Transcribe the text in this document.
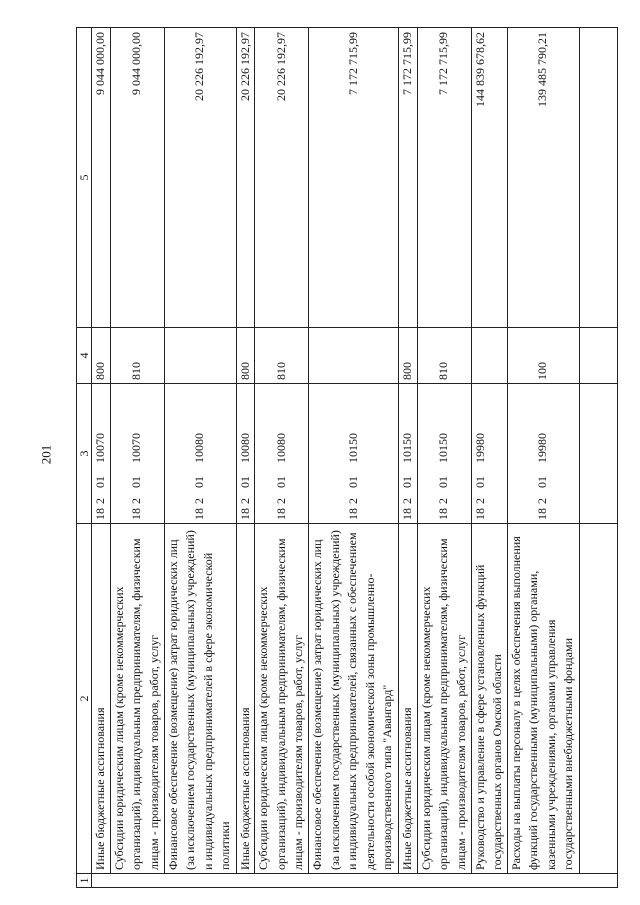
201
1	2	3	4	5
	Иные бюджетные ассигнования	18 2 01 10070	800	9 044 000,00
	Субсидии юридическим лицам (кроме некоммерческих организаций), индивидуальным предпринимателям, физическим лицам - производителям товаров, работ, услуг	18 2 01 10070	810	9 044 000,00
	Финансовое обеспечение (возмещение) затрат юридических лиц (за исключением государственных (муниципальных) учреждений) и индивидуальных предпринимателей в сфере экономической политики	18 2 01 10080		20 226 192,97
	Иные бюджетные ассигнования	18 2 01 10080	800	20 226 192,97
	Субсидии юридическим лицам (кроме некоммерческих организаций), индивидуальным предпринимателям, физическим лицам - производителям товаров, работ, услуг	18 2 01 10080	810	20 226 192,97
	Финансовое обеспечение (возмещение) затрат юридических лиц (за исключением государственных (муниципальных) учреждений) и индивидуальных предпринимателей, связанных с обеспечением деятельности особой экономической зоны промышленно-производственного типа "Авангард"	18 2 01 10150		7 172 715,99
	Иные бюджетные ассигнования	18 2 01 10150	800	7 172 715,99
	Субсидии юридическим лицам (кроме некоммерческих организаций), индивидуальным предпринимателям, физическим лицам - производителям товаров, работ, услуг	18 2 01 10150	810	7 172 715,99
	Руководство и управление в сфере установленных функций государственных органов Омской области	18 2 01 19980		144 839 678,62
	Расходы на выплаты персоналу в целях обеспечения выполнения функций государственными (муниципальными) органами, казенными учреждениями, органами управления государственными внебюджетными фондами	18 2 01 19980	100	139 485 790,21
